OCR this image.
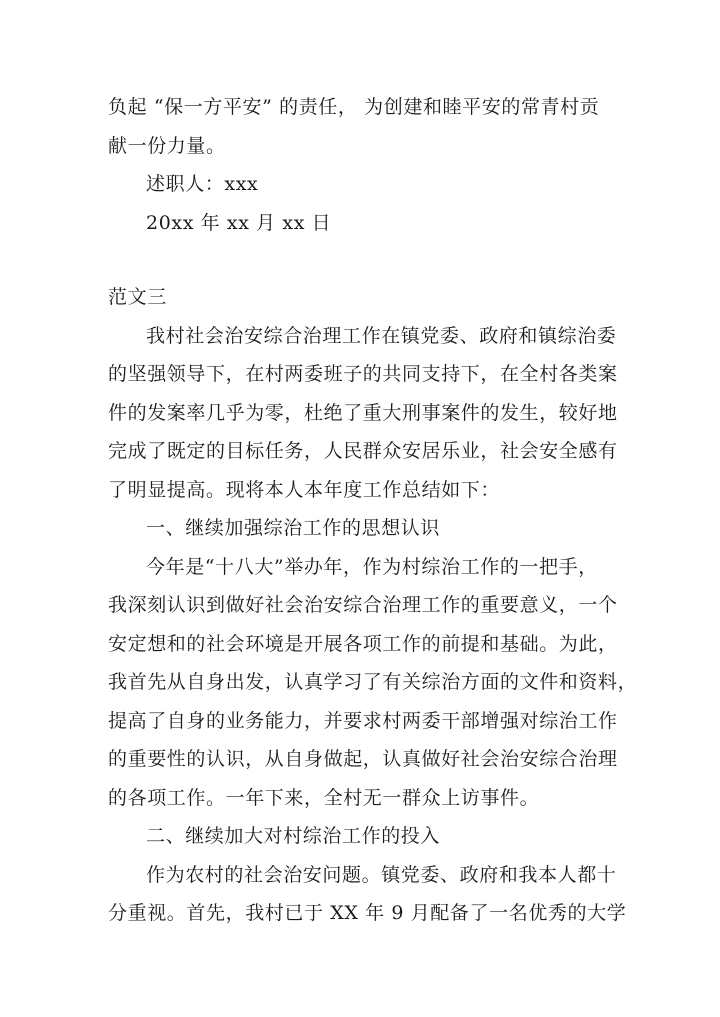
负起 “保一方平安” 的责任， 为创建和睦平安的常青村贡
献一份力量。
述职人：xxx
20xx 年 xx 月 xx 日
范文三
我村社会治安综合治理工作在镇党委、政府和镇综治委
的坚强领导下，在村两委班子的共同支持下，在全村各类案
件的发案率几乎为零，杜绝了重大刑事案件的发生，较好地
完成了既定的目标任务，人民群众安居乐业，社会安全感有
了明显提高。现将本人本年度工作总结如下：
一、继续加强综治工作的思想认识
今年是“十八大”举办年，作为村综治工作的一把手，
我深刻认识到做好社会治安综合治理工作的重要意义，一个
安定想和的社会环境是开展各项工作的前提和基础。为此，
我首先从自身出发，认真学习了有关综治方面的文件和资料，
提高了自身的业务能力，并要求村两委干部增强对综治工作
的重要性的认识，从自身做起，认真做好社会治安综合治理
的各项工作。一年下来，全村无一群众上访事件。
二、继续加大对村综治工作的投入
作为农村的社会治安问题。镇党委、政府和我本人都十
分重视。首先，我村已于 XX 年 9 月配备了一名优秀的大学
